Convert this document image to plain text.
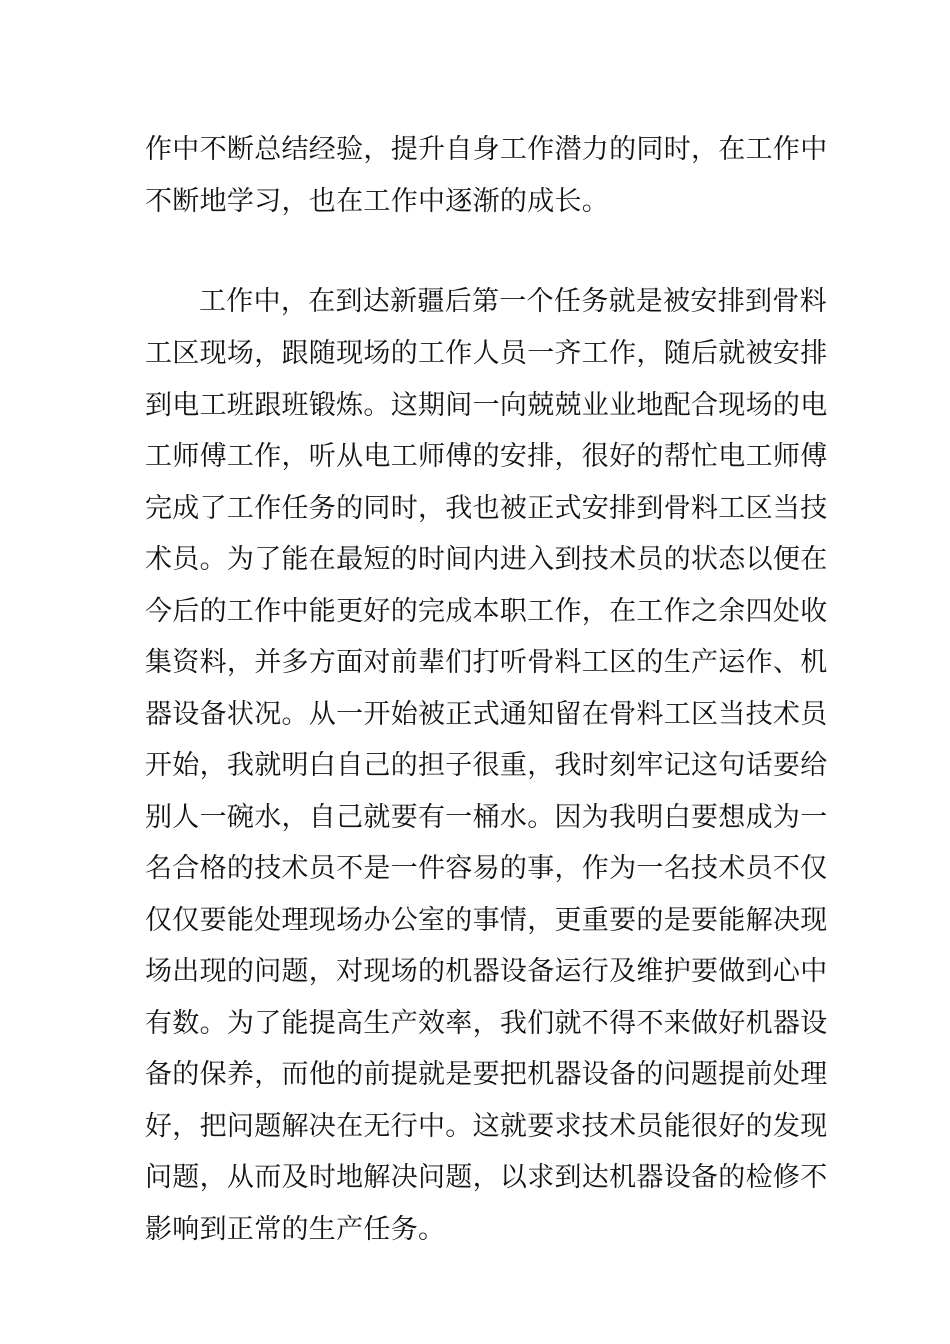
作中不断总结经验，提升自身工作潜力的同时，在工作中
不断地学习，也在工作中逐渐的成长。
工作中，在到达新疆后第一个任务就是被安排到骨料
工区现场，跟随现场的工作人员一齐工作，随后就被安排
到电工班跟班锻炼。这期间一向兢兢业业地配合现场的电
工师傅工作，听从电工师傅的安排，很好的帮忙电工师傅
完成了工作任务的同时，我也被正式安排到骨料工区当技
术员。为了能在最短的时间内进入到技术员的状态以便在
今后的工作中能更好的完成本职工作，在工作之余四处收
集资料，并多方面对前辈们打听骨料工区的生产运作、机
器设备状况。从一开始被正式通知留在骨料工区当技术员
开始，我就明白自己的担子很重，我时刻牢记这句话要给
别人一碗水，自己就要有一桶水。因为我明白要想成为一
名合格的技术员不是一件容易的事，作为一名技术员不仅
仅仅要能处理现场办公室的事情，更重要的是要能解决现
场出现的问题，对现场的机器设备运行及维护要做到心中
有数。为了能提高生产效率，我们就不得不来做好机器设
备的保养，而他的前提就是要把机器设备的问题提前处理
好，把问题解决在无行中。这就要求技术员能很好的发现
问题，从而及时地解决问题，以求到达机器设备的检修不
影响到正常的生产任务。
